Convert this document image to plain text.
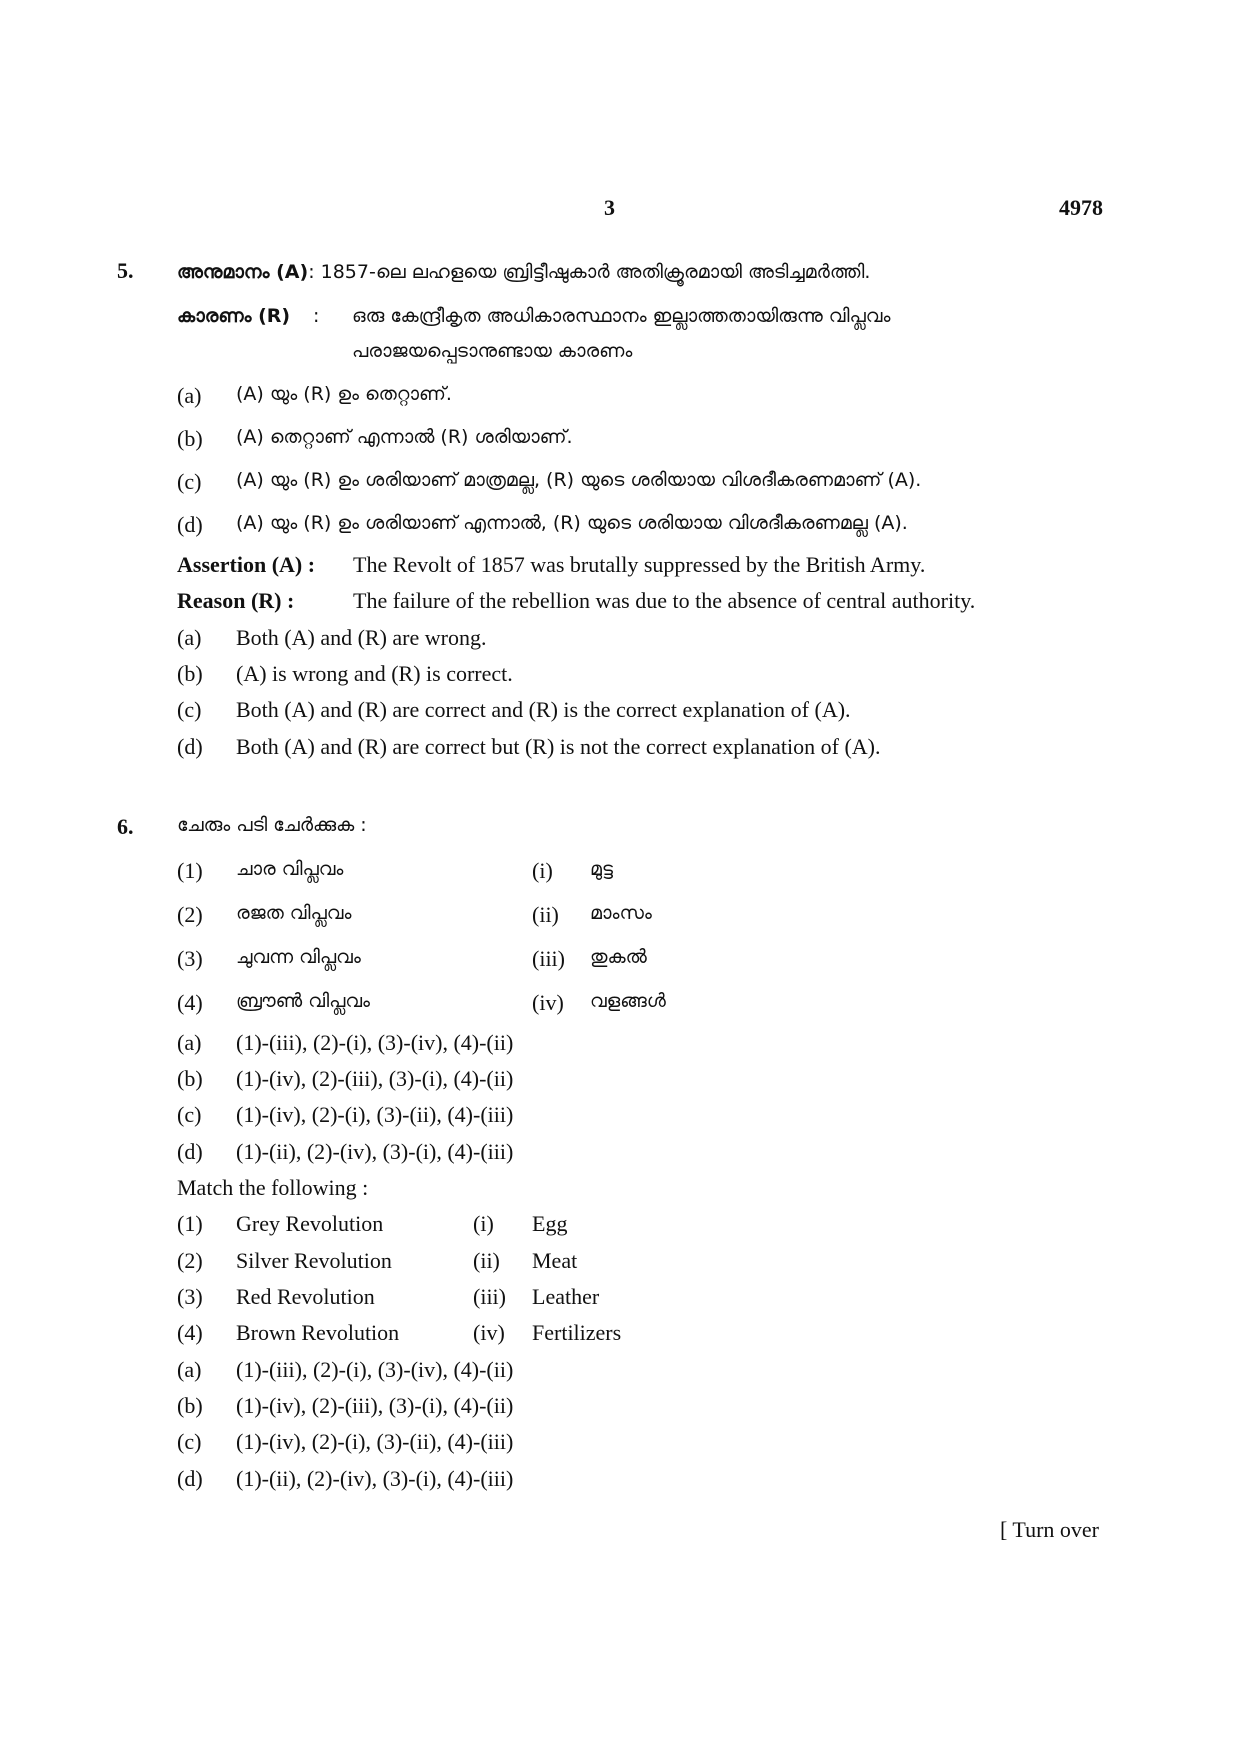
3	4978
5. അനുമാനം (A): 1857-ലെ ലഹളയെ ബ്രിട്ടീഷുകാർ അതിക്രൂരമായി അടിച്ചമർത്തി.
കാരണം (R) : ഒരു കേന്ദ്രീകൃത അധികാരസ്ഥാനം ഇല്ലാത്തതായിരുന്നു വിപ്ലവം
പരാജയപ്പെടാനുണ്ടായ കാരണം
(a) (A) യും (R) ഉം തെറ്റാണ്.
(b) (A) തെറ്റാണ് എന്നാൽ (R) ശരിയാണ്.
(c) (A) യും (R) ഉം ശരിയാണ് മാത്രമല്ല, (R) യുടെ ശരിയായ വിശദീകരണമാണ് (A).
(d) (A) യും (R) ഉം ശരിയാണ് എന്നാൽ, (R) യുടെ ശരിയായ വിശദീകരണമല്ല (A).
Assertion (A) : The Revolt of 1857 was brutally suppressed by the British Army.
Reason (R) :	The failure of the rebellion was due to the absence of central authority.
(a) Both (A) and (R) are wrong.
(b) (A) is wrong and (R) is correct.
(c) Both (A) and (R) are correct and (R) is the correct explanation of (A).
(d) Both (A) and (R) are correct but (R) is not the correct explanation of (A).
6. ചേരും പടി ചേർക്കുക :
(1) ചാര വിപ്ലവം	(i) മുട്ട
(2) രജത വിപ്ലവം	(ii) മാംസം
(3) ചുവന്ന വിപ്ലവം	(iii) തുകൽ
(4) ബ്രൗൺ വിപ്ലവം	(iv) വളങ്ങൾ
(a) (1)-(iii), (2)-(i), (3)-(iv), (4)-(ii)
(b) (1)-(iv), (2)-(iii), (3)-(i), (4)-(ii)
(c) (1)-(iv), (2)-(i), (3)-(ii), (4)-(iii)
(d) (1)-(ii), (2)-(iv), (3)-(i), (4)-(iii)
Match the following :
(1) Grey Revolution	(i) Egg
(2) Silver Revolution	(ii) Meat
(3) Red Revolution	(iii) Leather
(4) Brown Revolution	(iv) Fertilizers
(a) (1)-(iii), (2)-(i), (3)-(iv), (4)-(ii)
(b) (1)-(iv), (2)-(iii), (3)-(i), (4)-(ii)
(c) (1)-(iv), (2)-(i), (3)-(ii), (4)-(iii)
(d) (1)-(ii), (2)-(iv), (3)-(i), (4)-(iii)
[ Turn over
